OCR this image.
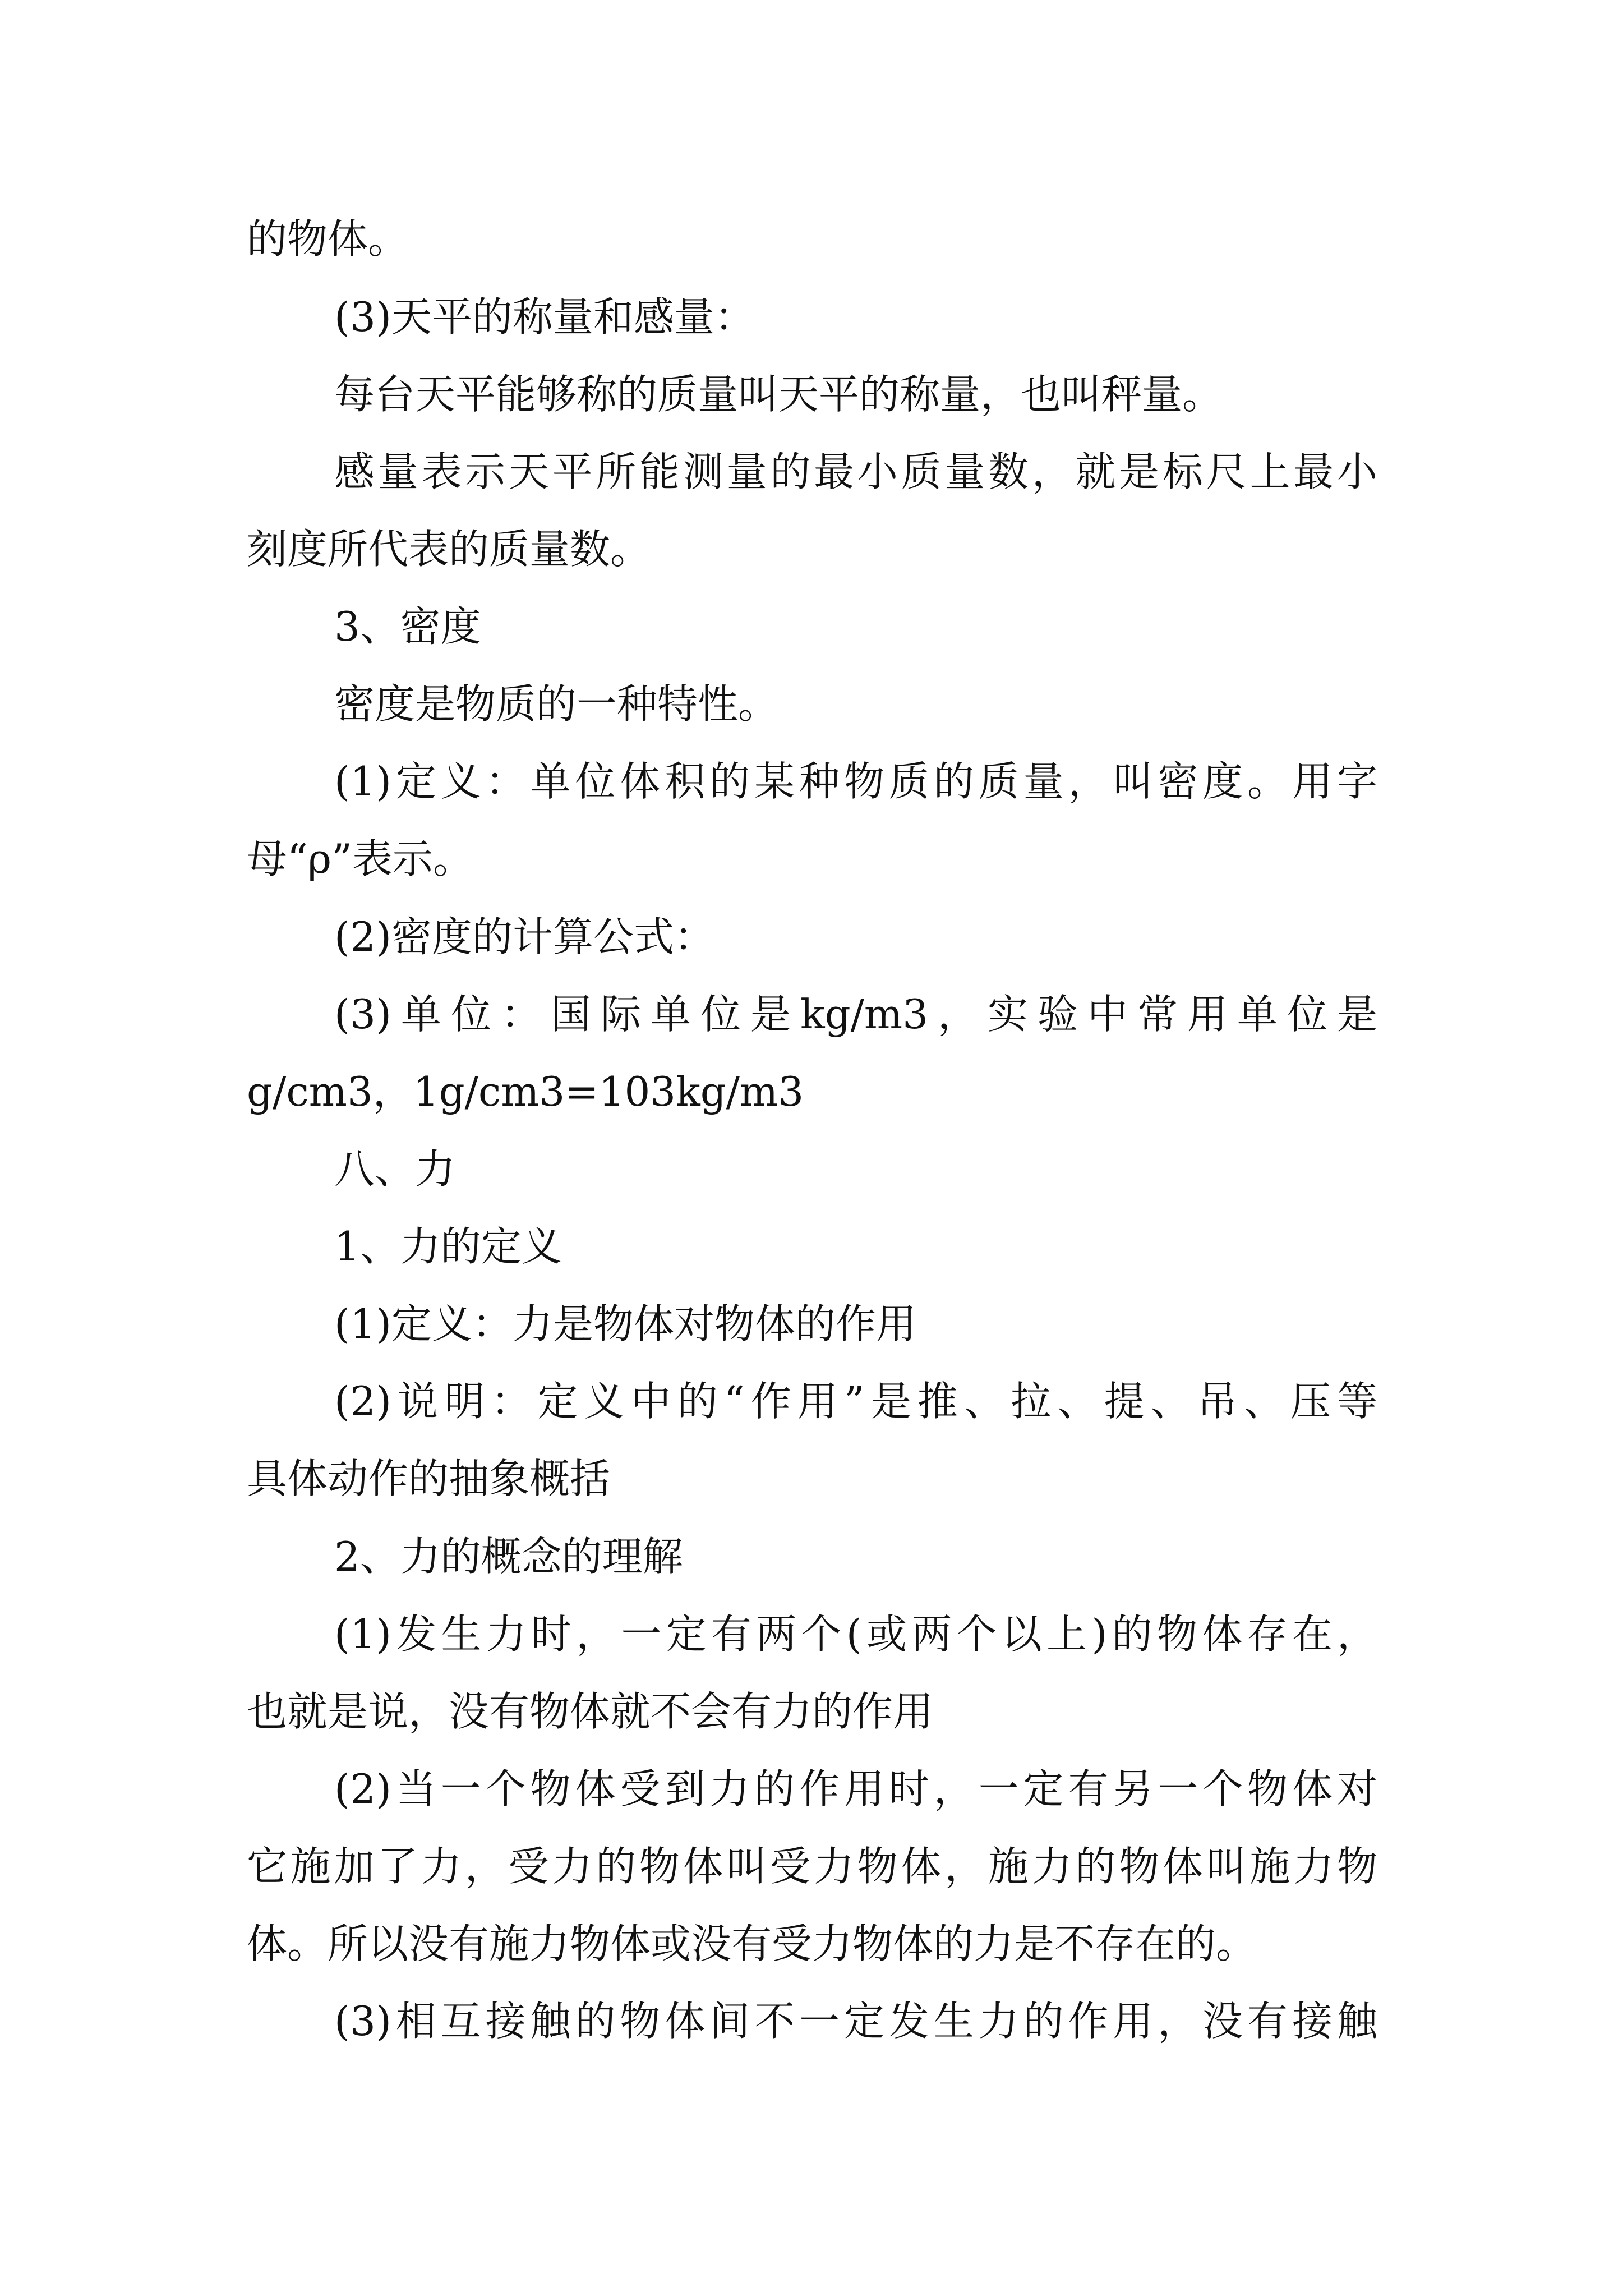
的物体。

(3)天平的称量和感量：

每台天平能够称的质量叫天平的称量，也叫秤量。

感量表示天平所能测量的最小质量数，就是标尺上最小

刻度所代表的质量数。

3、密度

密度是物质的一种特性。

(1)定义：单位体积的某种物质的质量，叫密度。用字

母“ρ”表示。

(2)密度的计算公式：

(3)单位：国际单位是kg/m3，实验中常用单位是

g/cm3，1g/cm3=103kg/m3

八、力

1、力的定义

(1)定义：力是物体对物体的作用

(2)说明：定义中的“作用”是推、拉、提、吊、压等

具体动作的抽象概括

2、力的概念的理解

(1)发生力时，一定有两个(或两个以上)的物体存在，

也就是说，没有物体就不会有力的作用

(2)当一个物体受到力的作用时，一定有另一个物体对

它施加了力，受力的物体叫受力物体，施力的物体叫施力物

体。所以没有施力物体或没有受力物体的力是不存在的。

(3)相互接触的物体间不一定发生力的作用，没有接触
